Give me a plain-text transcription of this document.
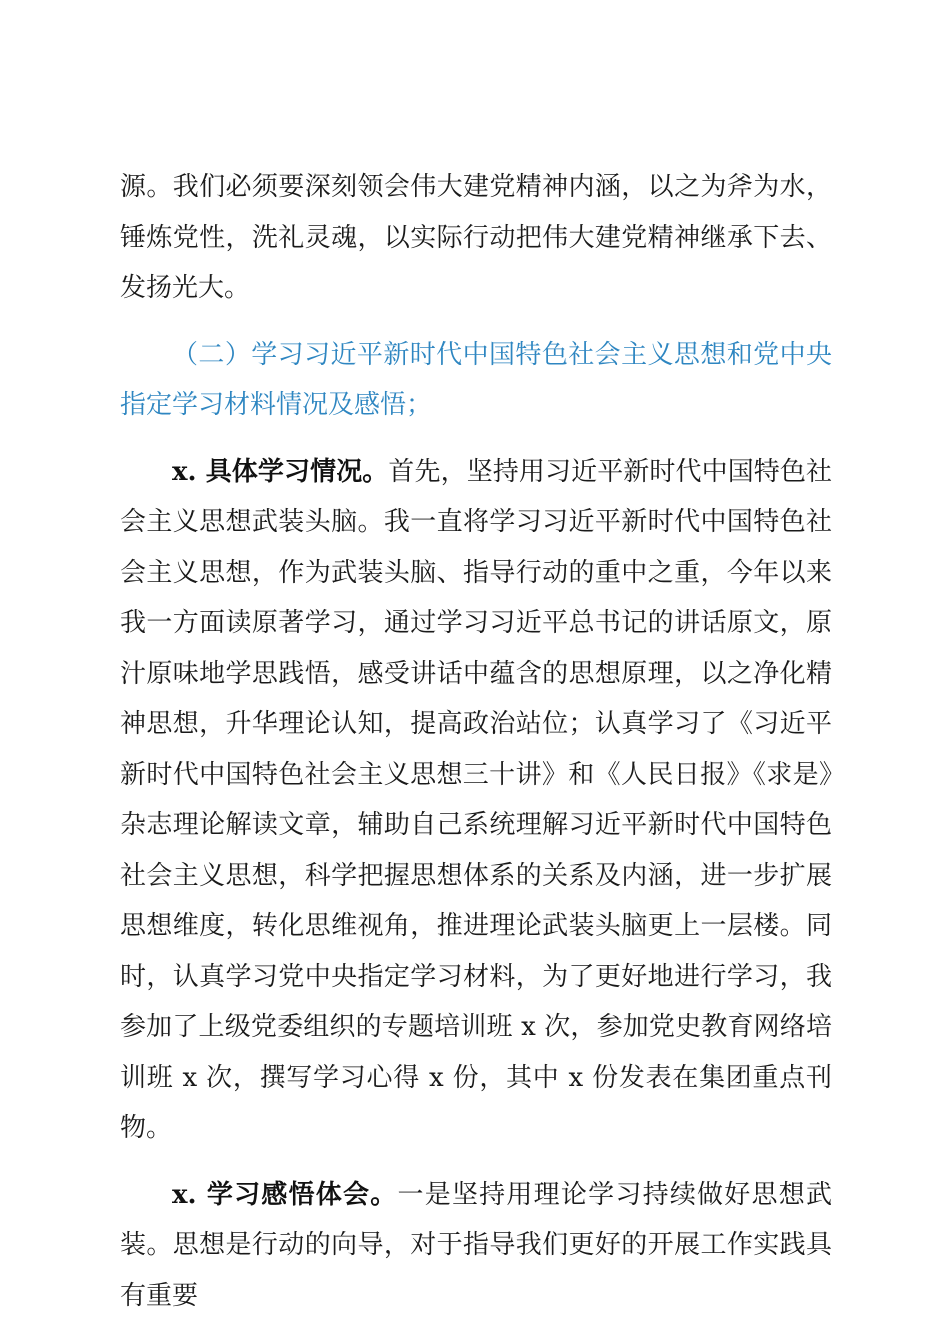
源。我们必须要深刻领会伟大建党精神内涵，以之为斧为水，锤炼党性，洗礼灵魂，以实际行动把伟大建党精神继承下去、发扬光大。

（二）学习习近平新时代中国特色社会主义思想和党中央指定学习材料情况及感悟；

x. 具体学习情况。首先，坚持用习近平新时代中国特色社会主义思想武装头脑。我一直将学习习近平新时代中国特色社会主义思想，作为武装头脑、指导行动的重中之重，今年以来我一方面读原著学习，通过学习习近平总书记的讲话原文，原汁原味地学思践悟，感受讲话中蕴含的思想原理，以之净化精神思想，升华理论认知，提高政治站位；认真学习了《习近平新时代中国特色社会主义思想三十讲》和《人民日报》《求是》杂志理论解读文章，辅助自己系统理解习近平新时代中国特色社会主义思想，科学把握思想体系的关系及内涵，进一步扩展思想维度，转化思维视角，推进理论武装头脑更上一层楼。同时，认真学习党中央指定学习材料，为了更好地进行学习，我参加了上级党委组织的专题培训班 x 次，参加党史教育网络培训班 x 次，撰写学习心得 x 份，其中 x 份发表在集团重点刊物。

x. 学习感悟体会。一是坚持用理论学习持续做好思想武装。思想是行动的向导，对于指导我们更好的开展工作实践具有重要
